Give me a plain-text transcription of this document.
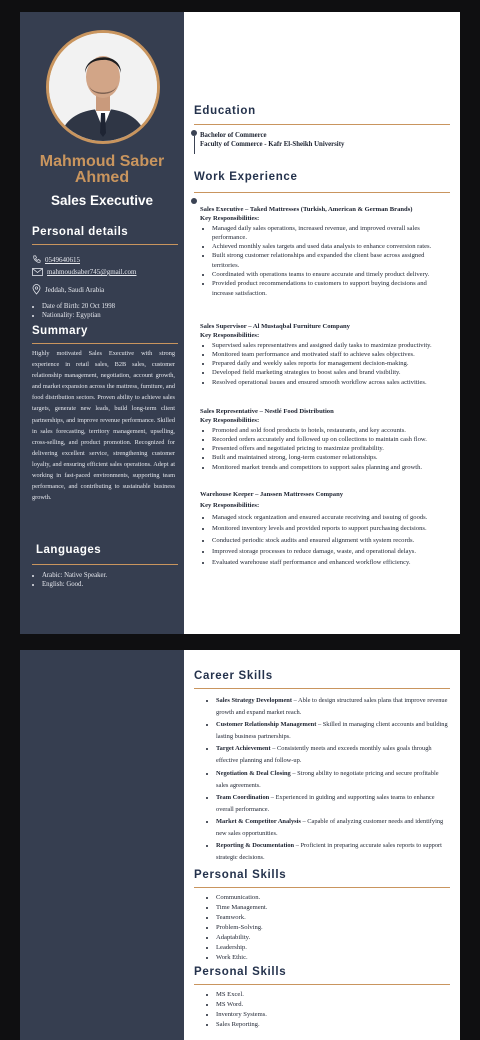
Mahmoud Saber
Ahmed
Sales Executive
Personal details
0549640615
mahmoudsaber745@gmail.com
Jeddah, Saudi Arabia
• Date of Birth: 20 Oct 1998
• Nationality: Egyptian
Summary
Highly motivated Sales Executive with strong experience in retail sales, B2B sales, customer relationship management, negotiation, account growth, and market expansion across the mattress, furniture, and food distribution sectors. Proven ability to achieve sales targets, generate new leads, build long-term client partnerships, and improve revenue performance. Skilled in sales forecasting, territory management, upselling, cross-selling, and product promotion. Recognized for delivering excellent service, strengthening customer loyalty, and ensuring efficient sales operations. Adept at working in fast-paced environments, supporting team performance, and contributing to sustainable business growth.
Languages
• Arabic: Native Speaker.
• English: Good.
Education
Bachelor of Commerce
Faculty of Commerce - Kafr El-Sheikh University
Work Experience
Sales Executive – Taked Mattresses (Turkish, American & German Brands)
Key Responsibilities:
• Managed daily sales operations, increased revenue, and improved overall sales performance.
• Achieved monthly sales targets and used data analysis to enhance conversion rates.
• Built strong customer relationships and expanded the client base across assigned territories.
• Coordinated with operations teams to ensure accurate and timely product delivery.
• Provided product recommendations to customers to support buying decisions and increase satisfaction.
Sales Supervisor – Al Mustaqbal Furniture Company
Key Responsibilities:
• Supervised sales representatives and assigned daily tasks to maximize productivity.
• Monitored team performance and motivated staff to achieve sales objectives.
• Prepared daily and weekly sales reports for management decision-making.
• Developed field marketing strategies to boost sales and brand visibility.
• Resolved operational issues and ensured smooth workflow across sales activities.
Sales Representative – Nestlé Food Distribution
Key Responsibilities:
• Promoted and sold food products to hotels, restaurants, and key accounts.
• Recorded orders accurately and followed up on collections to maintain cash flow.
• Presented offers and negotiated pricing to maximize profitability.
• Built and maintained strong, long-term customer relationships.
• Monitored market trends and competitors to support sales planning and growth.
Warehouse Keeper – Janssen Mattresses Company
Key Responsibilities:
• Managed stock organization and ensured accurate receiving and issuing of goods.
• Monitored inventory levels and provided reports to support purchasing decisions.
• Conducted periodic stock audits and ensured alignment with system records.
• Improved storage processes to reduce damage, waste, and operational delays.
• Evaluated warehouse staff performance and enhanced workflow efficiency.
Career Skills
• Sales Strategy Development – Able to design structured sales plans that improve revenue growth and expand market reach.
• Customer Relationship Management – Skilled in managing client accounts and building lasting business partnerships.
• Target Achievement – Consistently meets and exceeds monthly sales goals through effective planning and follow-up.
• Negotiation & Deal Closing – Strong ability to negotiate pricing and secure profitable sales agreements.
• Team Coordination – Experienced in guiding and supporting sales teams to enhance overall performance.
• Market & Competitor Analysis – Capable of analyzing customer needs and identifying new sales opportunities.
• Reporting & Documentation – Proficient in preparing accurate sales reports to support strategic decisions.
Personal Skills
• Communication.
• Time Management.
• Teamwork.
• Problem-Solving.
• Adaptability.
• Leadership.
• Work Ethic.
Personal Skills
• MS Excel.
• MS Word.
• Inventory Systems.
• Sales Reporting.
